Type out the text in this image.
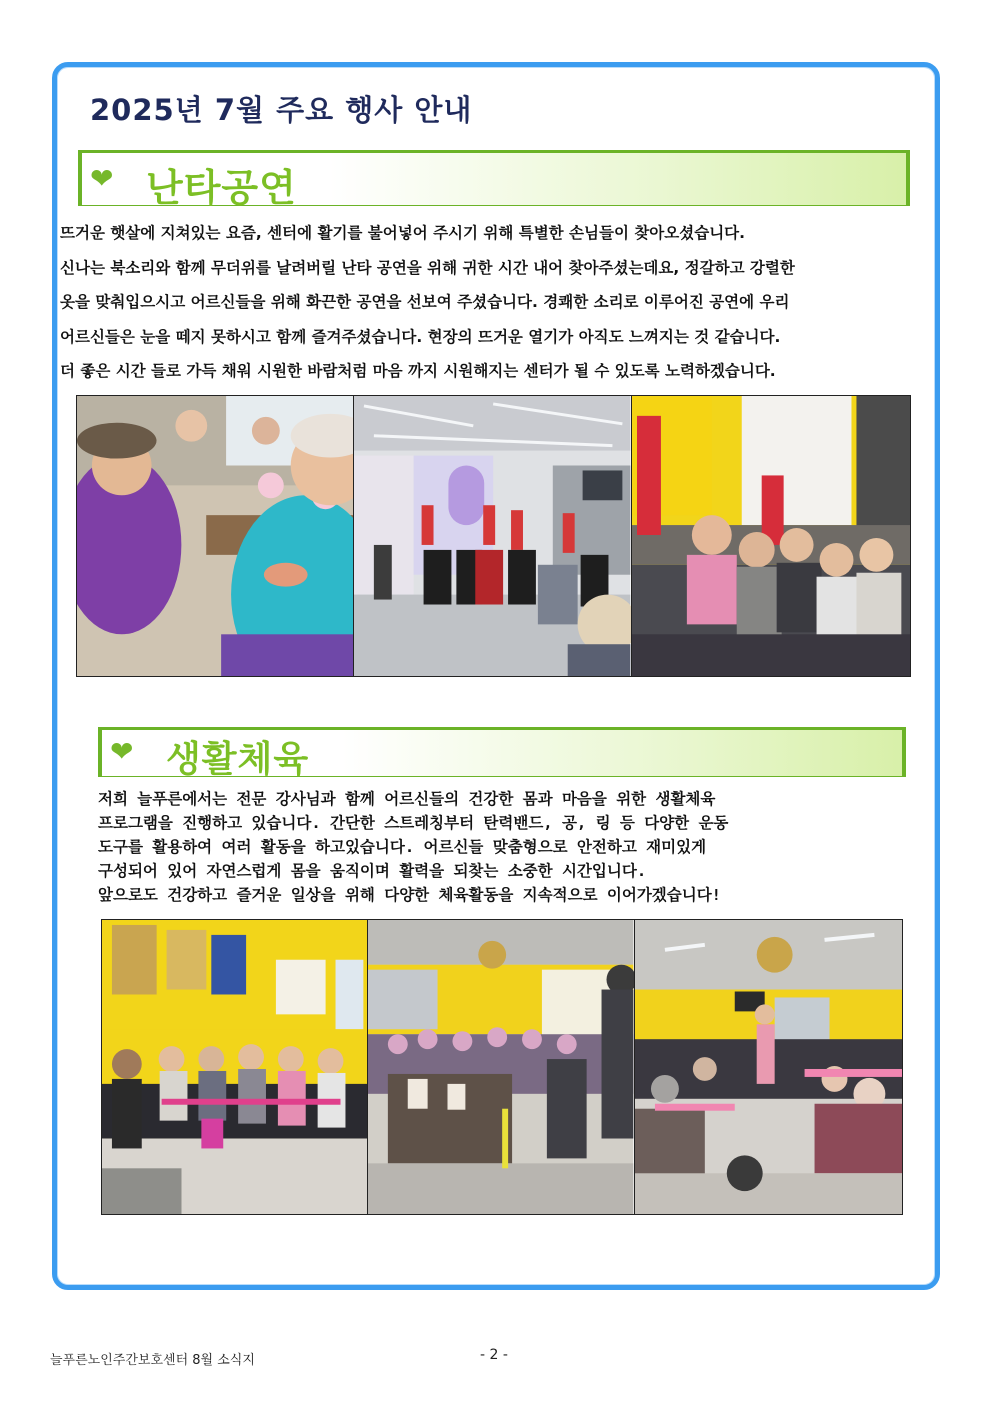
2025년 7월 주요 행사 안내
❤ 난타공연

뜨거운 햇살에 지쳐있는 요즘, 센터에 활기를 불어넣어 주시기 위해 특별한 손님들이 찾아오셨습니다.

신나는 북소리와 함께 무더위를 날려버릴 난타 공연을 위해 귀한 시간 내어 찾아주셨는데요, 정갈하고 강렬한

옷을 맞춰입으시고 어르신들을 위해 화끈한 공연을 선보여 주셨습니다. 경쾌한 소리로 이루어진 공연에 우리

어르신들은 눈을 떼지 못하시고 함께 즐겨주셨습니다. 현장의 뜨거운 열기가 아직도 느껴지는 것 같습니다.

더 좋은 시간 들로 가득 채워 시원한 바람처럼 마음 까지 시원해지는 센터가 될 수 있도록 노력하겠습니다.

❤ 생활체육

저희 늘푸른에서는 전문 강사님과 함께 어르신들의 건강한 몸과 마음을 위한 생활체육

프로그램을 진행하고 있습니다. 간단한 스트레칭부터 탄력밴드, 공, 링 등 다양한 운동

도구를 활용하여 여러 활동을 하고있습니다. 어르신들 맞춤형으로 안전하고 재미있게

구성되어 있어 자연스럽게 몸을 움직이며 활력을 되찾는 소중한 시간입니다.

앞으로도 건강하고 즐거운 일상을 위해 다양한 체육활동을 지속적으로 이어가겠습니다!

늘푸른노인주간보호센터 8월 소식지	- 2 -
